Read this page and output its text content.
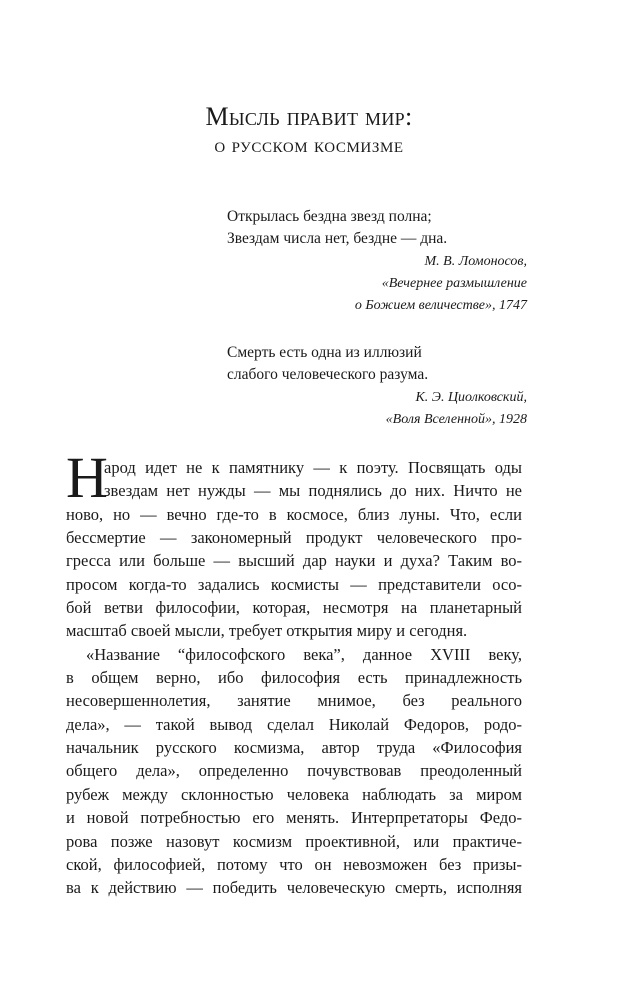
Мысль правит мир:
о русском космизме
Открылась бездна звезд полна;
Звездам числа нет, бездне — дна.
М. В. Ломоносов,
«Вечернее размышление
о Божием величестве», 1747
Смерть есть одна из иллюзий
слабого человеческого разума.
К. Э. Циолковский,
«Воля Вселенной», 1928
Н
арод идет не к памятнику — к поэту. Посвящать оды
звездам нет нужды — мы поднялись до них. Ничто не
ново, но — вечно где-то в космосе, близ луны. Что, если
бессмертие — закономерный продукт человеческого про-
гресса или больше — высший дар науки и духа? Таким во-
просом когда-то задались космисты — представители осо-
бой ветви философии, которая, несмотря на планетарный
масштаб своей мысли, требует открытия миру и сегодня.
«Название “философского века”, данное XVIII веку,
в общем верно, ибо философия есть принадлежность
несовершеннолетия, занятие мнимое, без реального
дела», — такой вывод сделал Николай Федоров, родо-
начальник русского космизма, автор труда «Философия
общего дела», определенно почувствовав преодоленный
рубеж между склонностью человека наблюдать за миром
и новой потребностью его менять. Интерпретаторы Федо-
рова позже назовут космизм проективной, или практиче-
ской, философией, потому что он невозможен без призы-
ва к действию — победить человеческую смерть, исполняя
